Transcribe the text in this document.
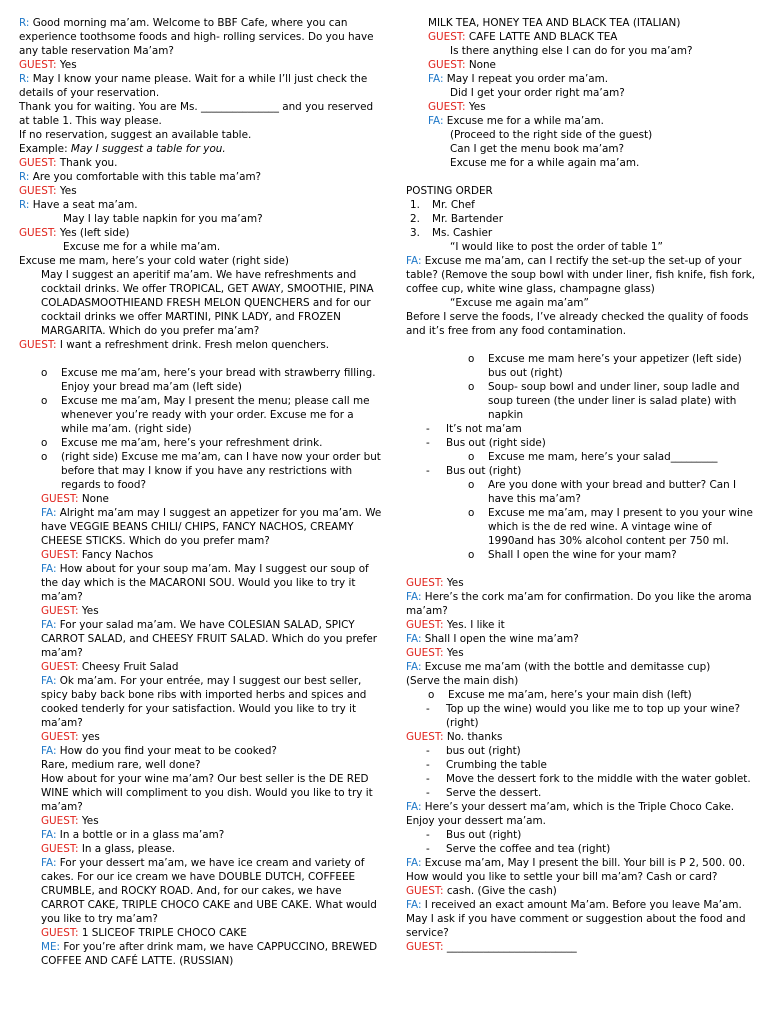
R: Good morning ma’am. Welcome to BBF Cafe, where you can experience toothsome foods and high- rolling services. Do you have any table reservation Ma’am?

GUEST: Yes

R: May I know your name please. Wait for a while I’ll just check the details of your reservation.

Thank you for waiting. You are Ms. _______________ and you reserved at table 1. This way please.

If no reservation, suggest an available table.

Example: May I suggest a table for you.

GUEST: Thank you.

R: Are you comfortable with this table ma’am?

GUEST: Yes

R: Have a seat ma’am.

May I lay table napkin for you ma’am?

GUEST: Yes (left side)

Excuse me for a while ma’am.

Excuse me mam, here’s your cold water (right side)

May I suggest an aperitif ma’am. We have refreshments and cocktail drinks. We offer TROPICAL, GET AWAY, SMOOTHIE, PINA COLADASMOOTHIEAND FRESH MELON QUENCHERS and for our cocktail drinks we offer MARTINI, PINK LADY, and FROZEN MARGARITA. Which do you prefer ma’am?

GUEST: I want a refreshment drink. Fresh melon quenchers.

o	Excuse me ma’am, here’s your bread with strawberry filling. Enjoy your bread ma’am (left side)
o	Excuse me ma’am, May I present the menu; please call me whenever you’re ready with your order. Excuse me for a while ma’am. (right side)
o	Excuse me ma’am, here’s your refreshment drink.
o	(right side) Excuse me ma’am, can I have now your order but before that may I know if you have any restrictions with regards to food?

GUEST: None

FA: Alright ma’am may I suggest an appetizer for you ma’am. We have VEGGIE BEANS CHILI/ CHIPS, FANCY NACHOS, CREAMY CHEESE STICKS. Which do you prefer mam?

GUEST: Fancy Nachos

FA: How about for your soup ma’am. May I suggest our soup of the day which is the MACARONI SOU. Would you like to try it ma’am?

GUEST: Yes

FA: For your salad ma’am. We have COLESIAN SALAD, SPICY CARROT SALAD, and CHEESY FRUIT SALAD. Which do you prefer ma’am?

GUEST: Cheesy Fruit Salad

FA: Ok ma’am. For your entrée, may I suggest our best seller, spicy baby back bone ribs with imported herbs and spices and cooked tenderly for your satisfaction. Would you like to try it ma’am?

GUEST: yes

FA: How do you find your meat to be cooked?

Rare, medium rare, well done?

How about for your wine ma’am? Our best seller is the DE RED WINE which will compliment to you dish. Would you like to try it ma’am?

GUEST: Yes

FA: In a bottle or in a glass ma’am?

GUEST: In a glass, please.

FA: For your dessert ma’am, we have ice cream and variety of cakes. For our ice cream we have DOUBLE DUTCH, COFFEEE CRUMBLE, and ROCKY ROAD. And, for our cakes, we have CARROT CAKE, TRIPLE CHOCO CAKE and UBE CAKE. What would you like to try ma’am?

GUEST: 1 SLICEOF TRIPLE CHOCO CAKE

ME: For you’re after drink mam, we have CAPPUCCINO, BREWED COFFEE AND CAFÉ LATTE. (RUSSIAN)

MILK TEA, HONEY TEA AND BLACK TEA (ITALIAN)

GUEST: CAFE LATTE AND BLACK TEA

Is there anything else I can do for you ma’am?

GUEST: None

FA: May I repeat you order ma’am.

Did I get your order right ma’am?

GUEST: Yes

FA: Excuse me for a while ma’am.

(Proceed to the right side of the guest)

Can I get the menu book ma’am?

Excuse me for a while again ma’am.

POSTING ORDER

1.	Mr. Chef
2.	Mr. Bartender
3.	Ms. Cashier

“I would like to post the order of table 1”

FA: Excuse me ma’am, can I rectify the set-up the set-up of your table? (Remove the soup bowl with under liner, fish knife, fish fork, coffee cup, white wine glass, champagne glass)

“Excuse me again ma’am”

Before I serve the foods, I’ve already checked the quality of foods and it’s free from any food contamination.

o	Excuse me mam here’s your appetizer (left side) bus out (right)
o	Soup- soup bowl and under liner, soup ladle and soup tureen (the under liner is salad plate) with napkin
-	It’s not ma’am
-	Bus out (right side)
o	Excuse me mam, here’s your salad_________
-	Bus out (right)
o	Are you done with your bread and butter? Can I have this ma’am?
o	Excuse me ma’am, may I present to you your wine which is the de red wine. A vintage wine of 1990and has 30% alcohol content per 750 ml.
o	Shall I open the wine for your mam?

GUEST: Yes

FA: Here’s the cork ma’am for confirmation. Do you like the aroma ma’am?

GUEST: Yes. I like it

FA: Shall I open the wine ma’am?

GUEST: Yes

FA: Excuse me ma’am (with the bottle and demitasse cup)

(Serve the main dish)

o	Excuse me ma’am, here’s your main dish (left)
-	Top up the wine) would you like me to top up your wine? (right)

GUEST: No. thanks

-	bus out (right)
-	Crumbing the table
-	Move the dessert fork to the middle with the water goblet.
-	Serve the dessert.

FA: Here’s your dessert ma’am, which is the Triple Choco Cake. Enjoy your dessert ma’am.

-	Bus out (right)
-	Serve the coffee and tea (right)

FA: Excuse ma’am, May I present the bill. Your bill is P 2, 500. 00. How would you like to settle your bill ma’am? Cash or card?

GUEST: cash. (Give the cash)

FA: I received an exact amount Ma’am. Before you leave Ma’am. May I ask if you have comment or suggestion about the food and service?

GUEST: _________________________
